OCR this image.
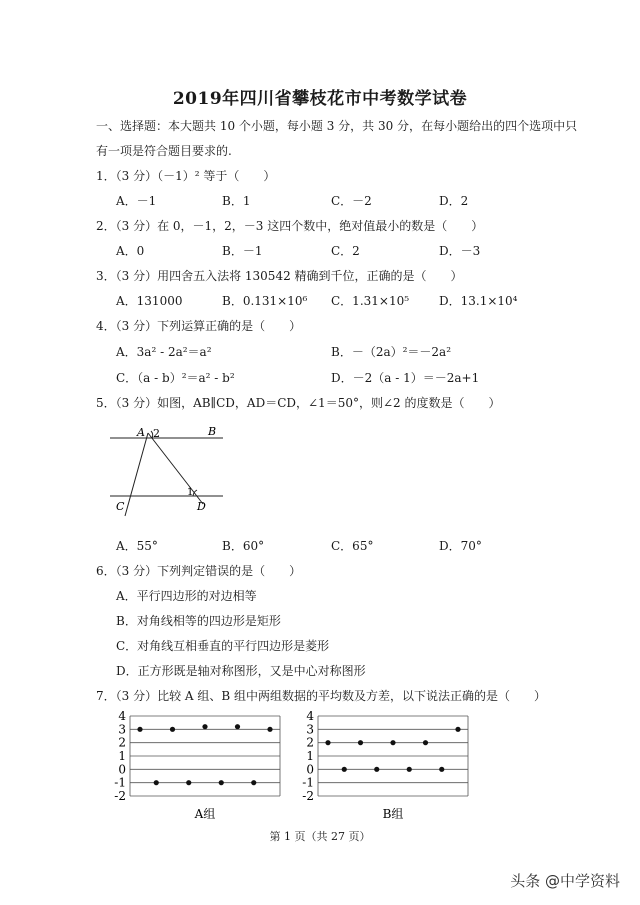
2019年四川省攀枝花市中考数学试卷
一、选择题：本大题共 10 个小题，每小题 3 分，共 30 分，在每小题给出的四个选项中只
有一项是符合题目要求的.
1．（3 分）（－1）² 等于（　　）
A．－1	B．1	C．－2	D．2
2．（3 分）在 0，－1，2，－3 这四个数中，绝对值最小的数是（　　）
A．0	B．－1	C．2	D．－3
3．（3 分）用四舍五入法将 130542 精确到千位，正确的是（　　）
A．131000	B．0.131×10⁶ C．1.31×10⁵ D．13.1×10⁴
4．（3 分）下列运算正确的是（　　）
A．3a² - 2a²＝a²	B．－（2a）²＝－2a²
C．（a - b）²＝a² - b²	D．－2（a - 1）＝－2a+1
5．（3 分）如图，AB∥CD，AD＝CD，∠1＝50°，则∠2 的度数是（　　）
A 2	B
1
C	D
A．55°	B．60°	C．65°	D．70°
6．（3 分）下列判定错误的是（　　）
A．平行四边形的对边相等
B．对角线相等的四边形是矩形
C．对角线互相垂直的平行四边形是菱形
D．正方形既是轴对称图形，又是中心对称图形
7．（3 分）比较 A 组、B 组中两组数据的平均数及方差，以下说法正确的是（　　）
4
3
2
1
0
-1
-2
A组
4
3
2
1
0
-1
-2
B组
第 1 页（共 27 页）
头条 @中学资料
